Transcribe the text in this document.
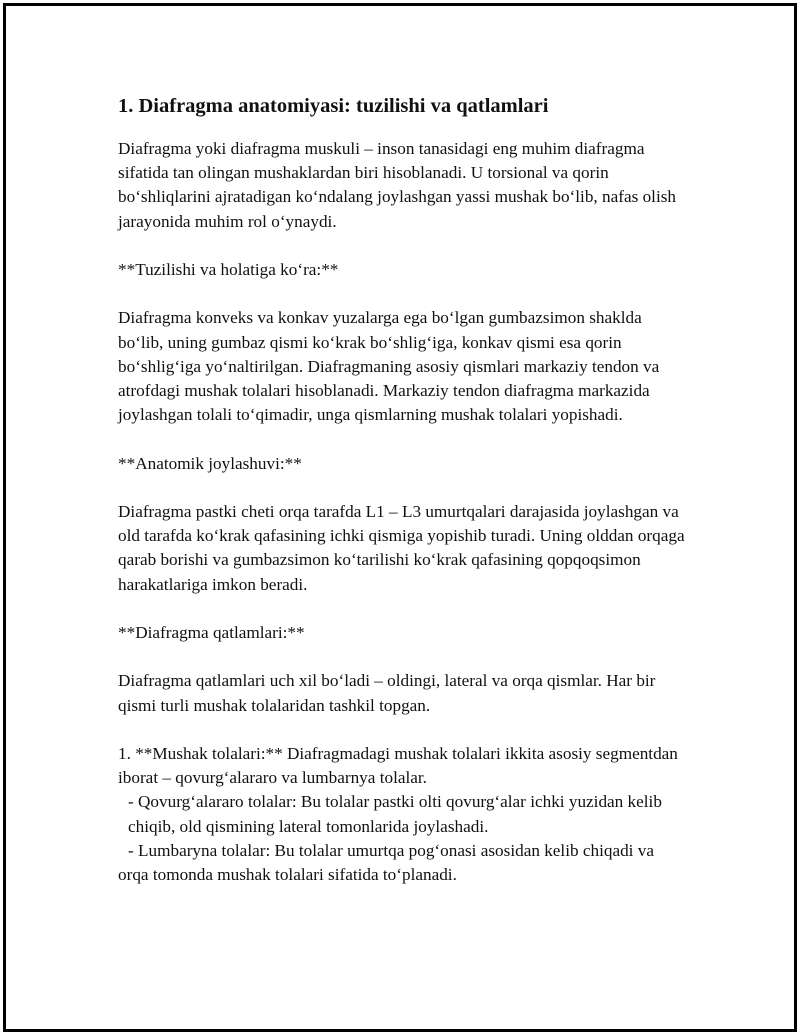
1. Diafragma anatomiyasi: tuzilishi va qatlamlari

Diafragma yoki diafragma muskuli – inson tanasidagi eng muhim diafragma sifatida tan olingan mushaklardan biri hisoblanadi. U torsional va qorin bo‘shliqlarini ajratadigan ko‘ndalang joylashgan yassi mushak bo‘lib, nafas olish jarayonida muhim rol o‘ynaydi.

**Tuzilishi va holatiga ko‘ra:**

Diafragma konveks va konkav yuzalarga ega bo‘lgan gumbazsimon shaklda bo‘lib, uning gumbaz qismi ko‘krak bo‘shlig‘iga, konkav qismi esa qorin bo‘shlig‘iga yo‘naltirilgan. Diafragmaning asosiy qismlari markaziy tendon va atrofdagi mushak tolalari hisoblanadi. Markaziy tendon diafragma markazida joylashgan tolali to‘qimadir, unga qismlarning mushak tolalari yopishadi.

**Anatomik joylashuvi:**

Diafragma pastki cheti orqa tarafda L1 – L3 umurtqalari darajasida joylashgan va old tarafda ko‘krak qafasining ichki qismiga yopishib turadi. Uning olddan orqaga qarab borishi va gumbazsimon ko‘tarilishi ko‘krak qafasining qopqoqsimon harakatlariga imkon beradi.

**Diafragma qatlamlari:**

Diafragma qatlamlari uch xil bo‘ladi – oldingi, lateral va orqa qismlar. Har bir qismi turli mushak tolalaridan tashkil topgan.

1. **Mushak tolalari:** Diafragmadagi mushak tolalari ikkita asosiy segmentdan iborat – qovurg‘alararo va lumbarnya tolalar.

- Qovurg‘alararo tolalar: Bu tolalar pastki olti qovurg‘alar ichki yuzidan kelib chiqib, old qismining lateral tomonlarida joylashadi.

- Lumbaryna tolalar: Bu tolalar umurtqa pog‘onasi asosidan kelib chiqadi va orqa tomonda mushak tolalari sifatida to‘planadi.
